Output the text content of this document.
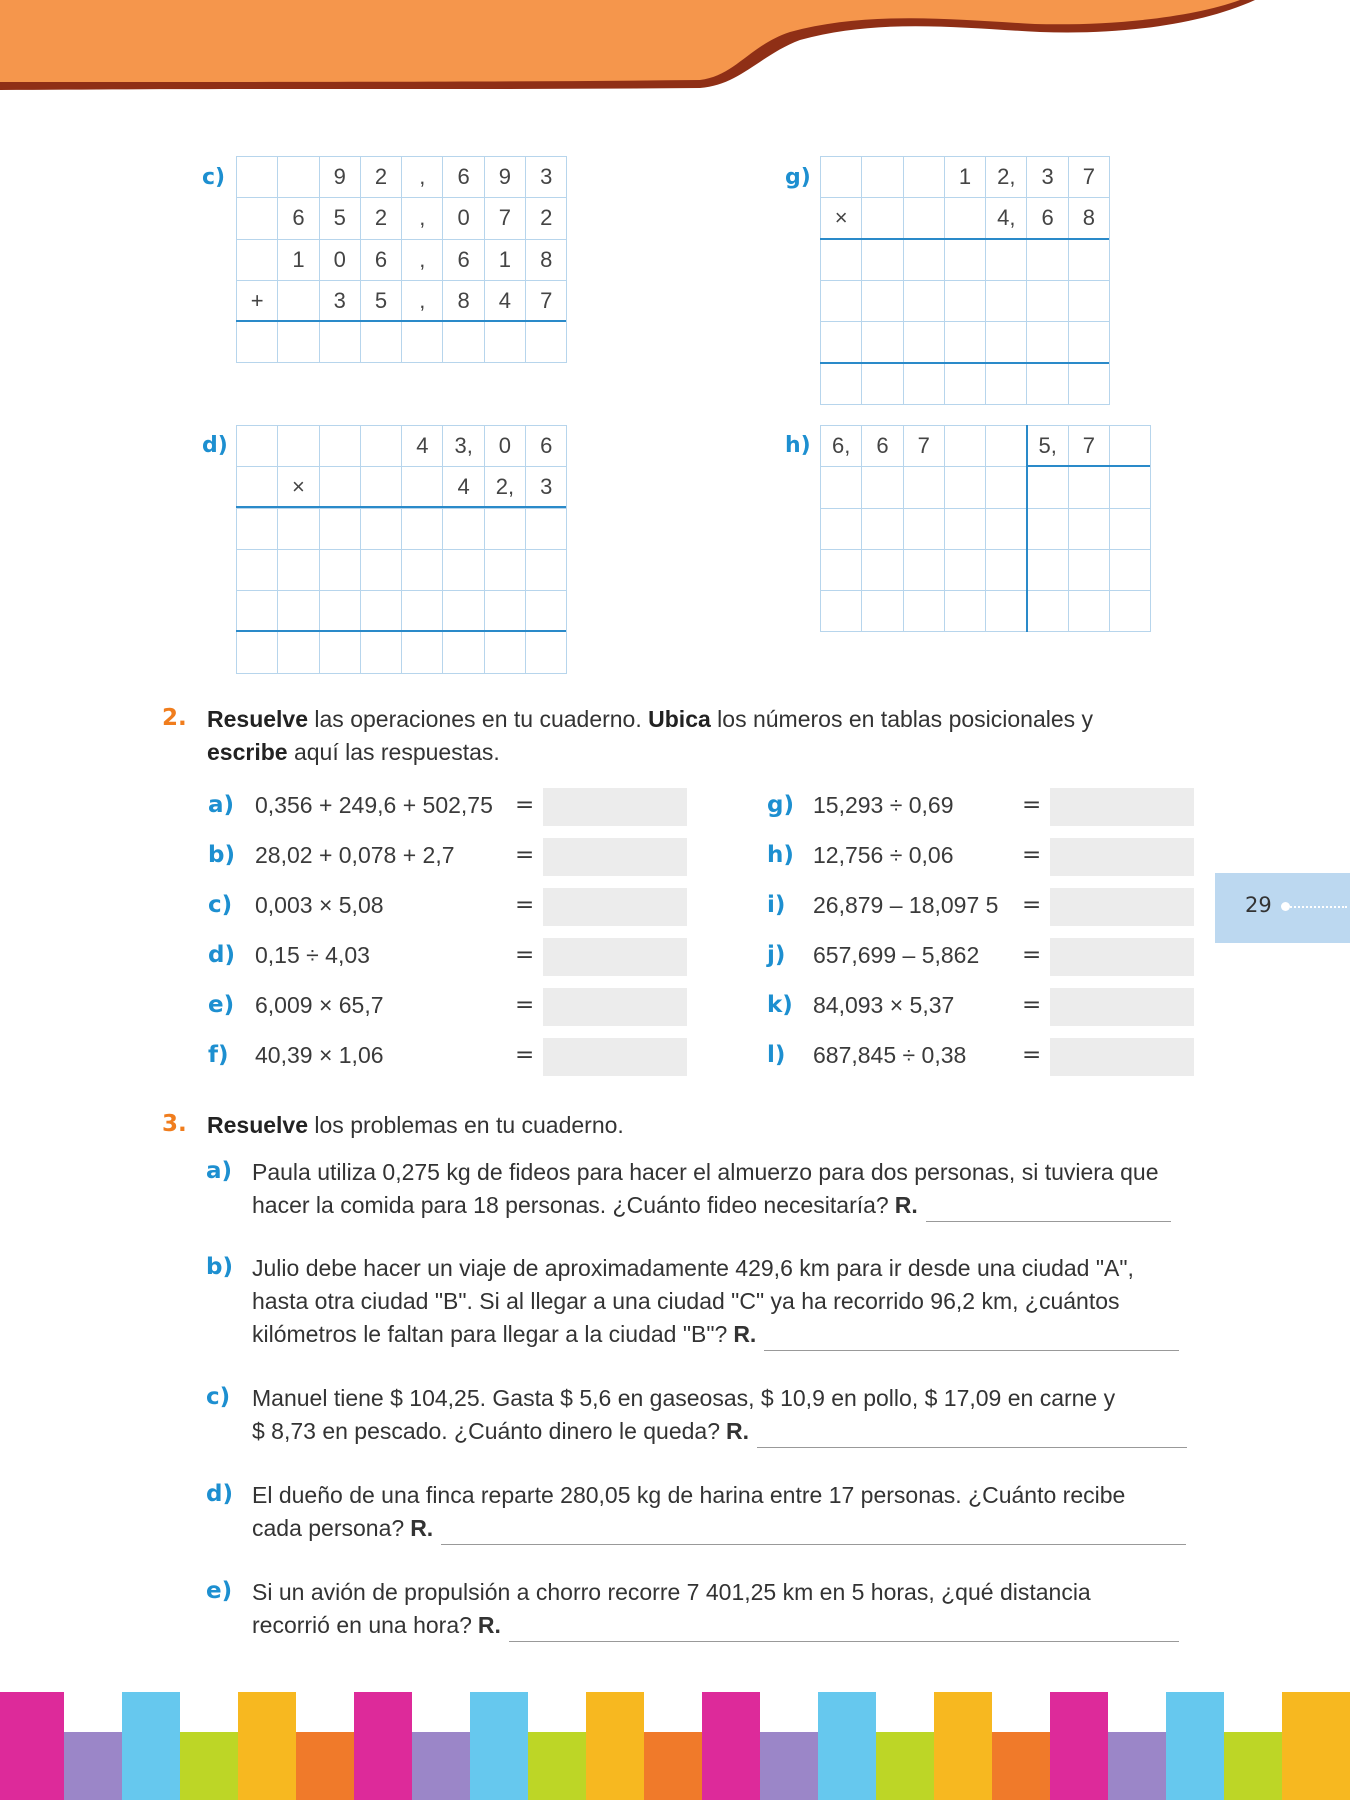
c)
			9	2	,	6	9	3
	6	5	2	,	0	7	2
	1	0	6	,	6	1	8
+		3	5	,	8	4	7

g)
				1	2,	3	7
×				4,	6	8

d)
					4	3,	0	6
	×				4	2,	3

h) 6,	6	7			5,	7	

2. Resuelve las operaciones en tu cuaderno. Ubica los números en tablas posicionales y
escribe aquí las respuestas.
a) 0,356 + 249,6 + 502,75 =
b) 28,02 + 0,078 + 2,7	=
c) 0,003 × 5,08	=
d) 0,15 ÷ 4,03	=
e) 6,009 × 65,7	=
f) 40,39 × 1,06	=
g) 15,293 ÷ 0,69	=
h) 12,756 ÷ 0,06	=
i) 26,879 – 18,097 5 =
j) 657,699 – 5,862 =
k) 84,093 × 5,37	=
l) 687,845 ÷ 0,38 =
29
3. Resuelve los problemas en tu cuaderno.
a) Paula utiliza 0,275 kg de fideos para hacer el almuerzo para dos personas, si tuviera que
hacer la comida para 18 personas. ¿Cuánto fideo necesitaría? R.
b) Julio debe hacer un viaje de aproximadamente 429,6 km para ir desde una ciudad "A",
hasta otra ciudad "B". Si al llegar a una ciudad "C" ya ha recorrido 96,2 km, ¿cuántos
kilómetros le faltan para llegar a la ciudad "B"? R.
c) Manuel tiene $ 104,25. Gasta $ 5,6 en gaseosas, $ 10,9 en pollo, $ 17,09 en carne y
$ 8,73 en pescado. ¿Cuánto dinero le queda? R.
d) El dueño de una finca reparte 280,05 kg de harina entre 17 personas. ¿Cuánto recibe
cada persona? R.
e) Si un avión de propulsión a chorro recorre 7 401,25 km en 5 horas, ¿qué distancia
recorrió en una hora? R.
